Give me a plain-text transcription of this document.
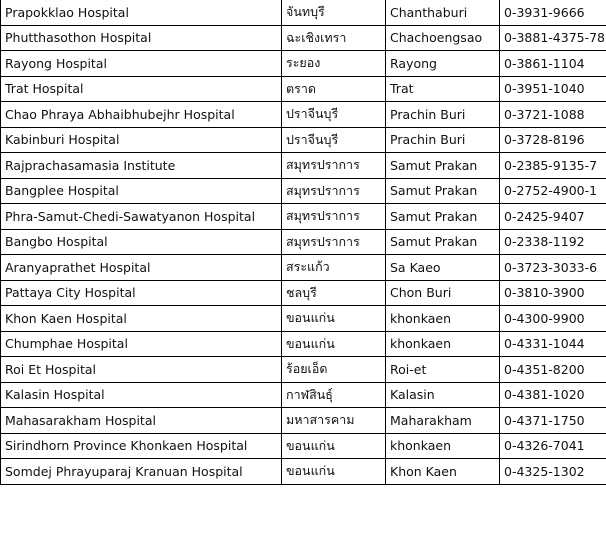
Prapokklao Hospital	จันทบุรี	Chanthaburi	0-3931-9666
Phutthasothon Hospital	ฉะเชิงเทรา	Chachoengsao	0-3881-4375-78
Rayong Hospital	ระยอง	Rayong	0-3861-1104
Trat Hospital	ตราด	Trat	0-3951-1040
Chao Phraya Abhaibhubejhr Hospital	ปราจีนบุรี	Prachin Buri	0-3721-1088
Kabinburi Hospital	ปราจีนบุรี	Prachin Buri	0-3728-8196
Rajprachasamasia Institute	สมุทรปราการ	Samut Prakan	0-2385-9135-7
Bangplee Hospital	สมุทรปราการ	Samut Prakan	0-2752-4900-1
Phra-Samut-Chedi-Sawatyanon Hospital	สมุทรปราการ	Samut Prakan	0-2425-9407
Bangbo Hospital	สมุทรปราการ	Samut Prakan	0-2338-1192
Aranyaprathet Hospital	สระแก้ว	Sa Kaeo	0-3723-3033-6
Pattaya City Hospital	ชลบุรี	Chon Buri	0-3810-3900
Khon Kaen Hospital	ขอนแก่น	khonkaen	0-4300-9900
Chumphae Hospital	ขอนแก่น	khonkaen	0-4331-1044
Roi Et Hospital	ร้อยเอ็ด	Roi-et	0-4351-8200
Kalasin Hospital	กาฬสินธุ์	Kalasin	0-4381-1020
Mahasarakham Hospital	มหาสารคาม	Maharakham	0-4371-1750
Sirindhorn Province Khonkaen Hospital	ขอนแก่น	khonkaen	0-4326-7041
Somdej Phrayuparaj Kranuan Hospital	ขอนแก่น	Khon Kaen	0-4325-1302
